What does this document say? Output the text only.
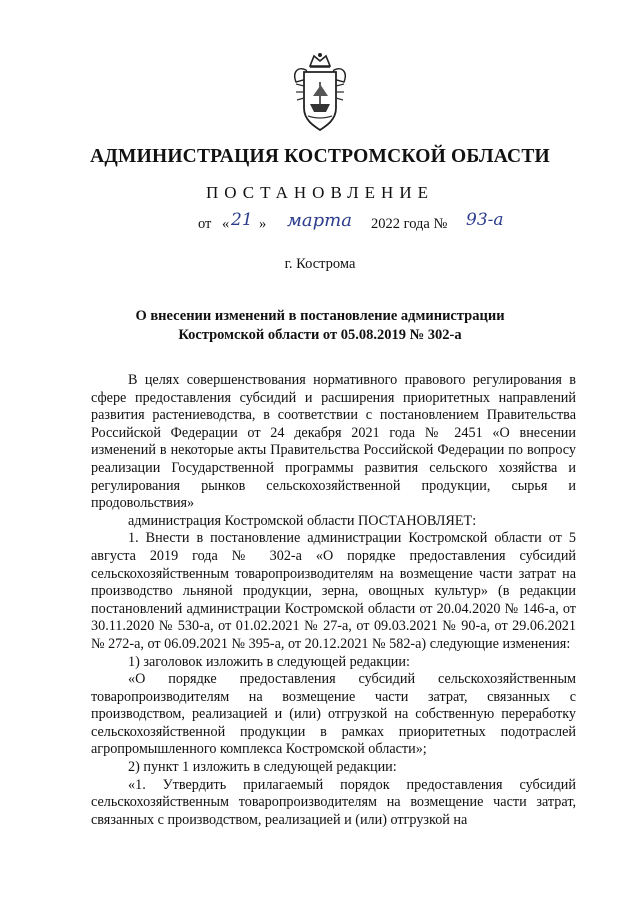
АДМИНИСТРАЦИЯ КОСТРОМСКОЙ ОБЛАСТИ
ПОСТАНОВЛЕНИЕ
от « 21 » марта 2022 года № 93-а
г. Кострома
О внесении изменений в постановление администрации
Костромской области от 05.08.2019 № 302-а

В целях совершенствования нормативного правового регулирования в сфере предоставления субсидий и расширения приоритетных направлений развития растениеводства, в соответствии с постановлением Правительства Российской Федерации от 24 декабря 2021 года № 2451 «О внесении изменений в некоторые акты Правительства Российской Федерации по вопросу реализации Государственной программы развития сельского хозяйства и регулирования рынков сельскохозяйственной продукции, сырья и продовольствия»

администрация Костромской области ПОСТАНОВЛЯЕТ:

1. Внести в постановление администрации Костромской области от 5 августа 2019 года № 302-а «О порядке предоставления субсидий сельскохозяйственным товаропроизводителям на возмещение части затрат на производство льняной продукции, зерна, овощных культур» (в редакции постановлений администрации Костромской области от 20.04.2020 № 146-а, от 30.11.2020 № 530-а, от 01.02.2021 № 27-а, от 09.03.2021 № 90-а, от 29.06.2021 № 272-а, от 06.09.2021 № 395-а, от 20.12.2021 № 582-а) следующие изменения:

1) заголовок изложить в следующей редакции:

«О порядке предоставления субсидий сельскохозяйственным товаропроизводителям на возмещение части затрат, связанных с производством, реализацией и (или) отгрузкой на собственную переработку сельскохозяйственной продукции в рамках приоритетных подотраслей агропромышленного комплекса Костромской области»;

2) пункт 1 изложить в следующей редакции:

«1. Утвердить прилагаемый порядок предоставления субсидий сельскохозяйственным товаропроизводителям на возмещение части затрат, связанных с производством, реализацией и (или) отгрузкой на
